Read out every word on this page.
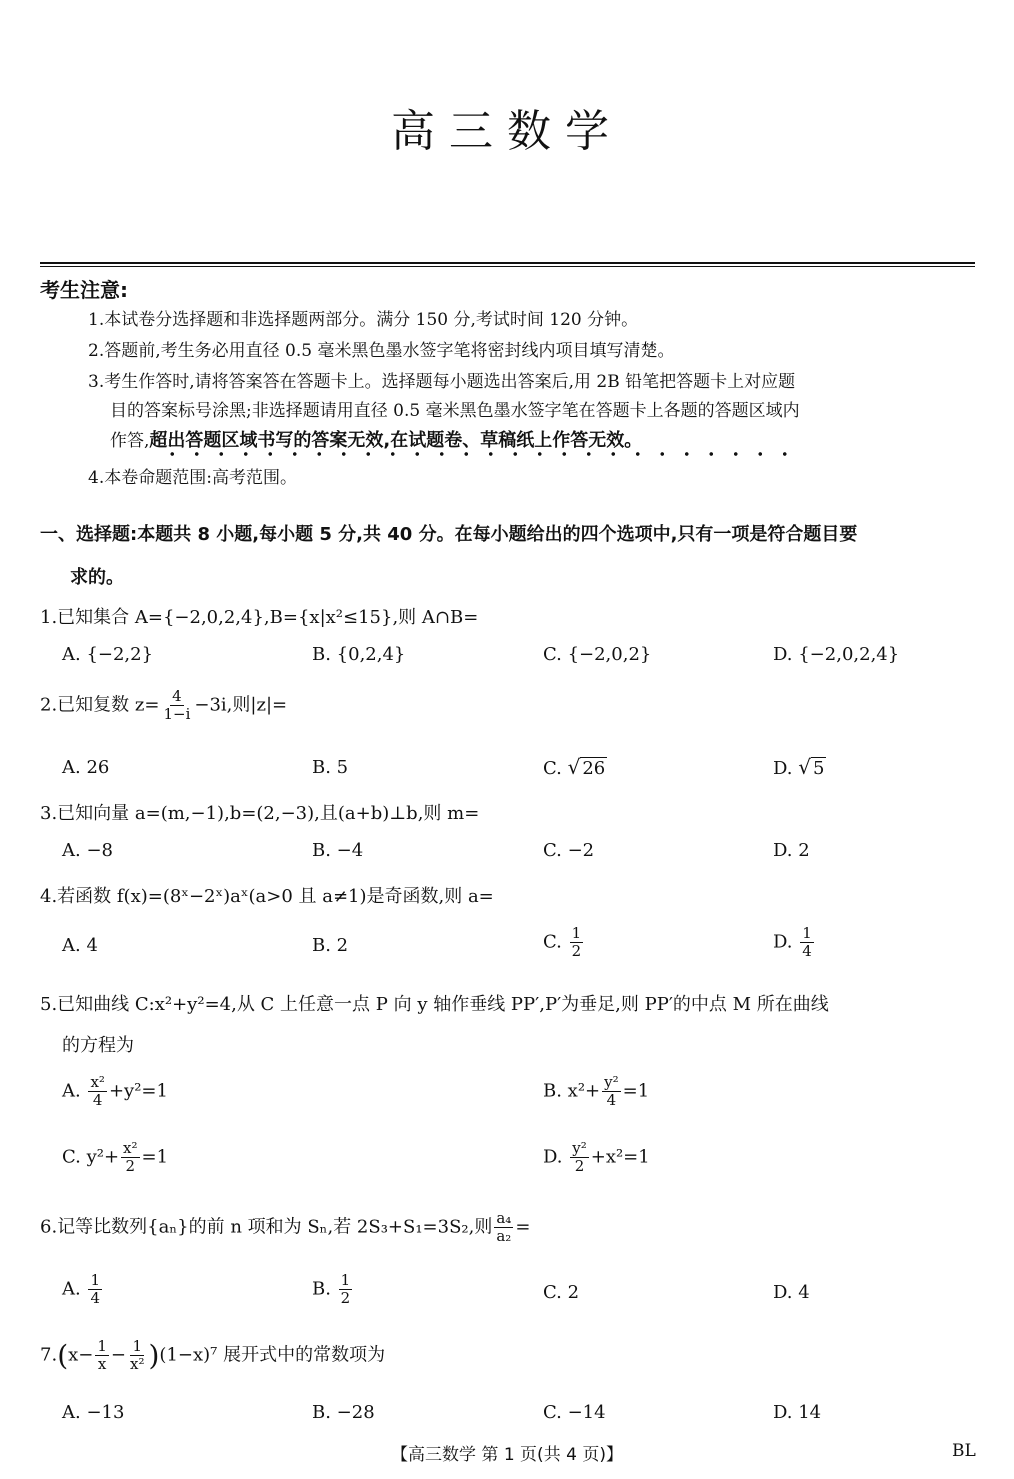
高三数学
考生注意:
1.本试卷分选择题和非选择题两部分。满分 150 分,考试时间 120 分钟。
2.答题前,考生务必用直径 0.5 毫米黑色墨水签字笔将密封线内项目填写清楚。
3.考生作答时,请将答案答在答题卡上。选择题每小题选出答案后,用 2B 铅笔把答题卡上对应题
目的答案标号涂黑;非选择题请用直径 0.5 毫米黑色墨水签字笔在答题卡上各题的答题区域内
作答,超出答题区域书写的答案无效,在试题卷、草稿纸上作答无效。
4.本卷命题范围:高考范围。
一、选择题:本题共 8 小题,每小题 5 分,共 40 分。在每小题给出的四个选项中,只有一项是符合题目要
求的。
1.已知集合 A={−2,0,2,4},B={x|x²≤15},则 A∩B=
A. {−2,2}	B. {0,2,4}	C. {−2,0,2}	D. {−2,0,2,4}
2.已知复数 $z= \frac{4}{1-i} -3i$,则|z|=
A. 26	B. 5	C. √ 26	D. √ 5
3.已知向量 a=(m,−1),b=(2,−3),且(a+b)⊥b,则 m=
A. −8	B. −4	C. −2	D. 2
4.若函数 f(x)=(8ˣ−2ˣ)aˣ(a>0 且 a≠1)是奇函数,则 a=
A. 4	B. 2	C. $\frac{1}{2}$	D. $\frac{1}{4}$
5.已知曲线 C:x²+y²=4,从 C 上任意一点 P 向 y 轴作垂线 PP′,P′为垂足,则 PP′的中点 M 所在曲线
的方程为
A. $\frac{\text{x²}}{4} +y^2=1$	B. $x^2+ \frac{\text{y²}}{4} =1$
C. $y^2+ \frac{\text{x²}}{2} =1$	D. $\frac{\text{y²}}{2} +x^2=1$
6.记等比数列{aₙ}的前 n 项和为 Sₙ,若 2S₃+S₁=3S₂,则 $\frac{\text{a₄}}{\text{a₂}}$ =
A. $\frac{1}{4}$	B. $\frac{1}{2}$	C. 2	D. 4
$7.(x- \frac{1}{x} - \frac{1}{\text{x²}} )(1-x)^7$ 展开式中的常数项为
A. −13	B. −28	C. −14	D. 14
【高三数学 第 1 页(共 4 页)】	BL
